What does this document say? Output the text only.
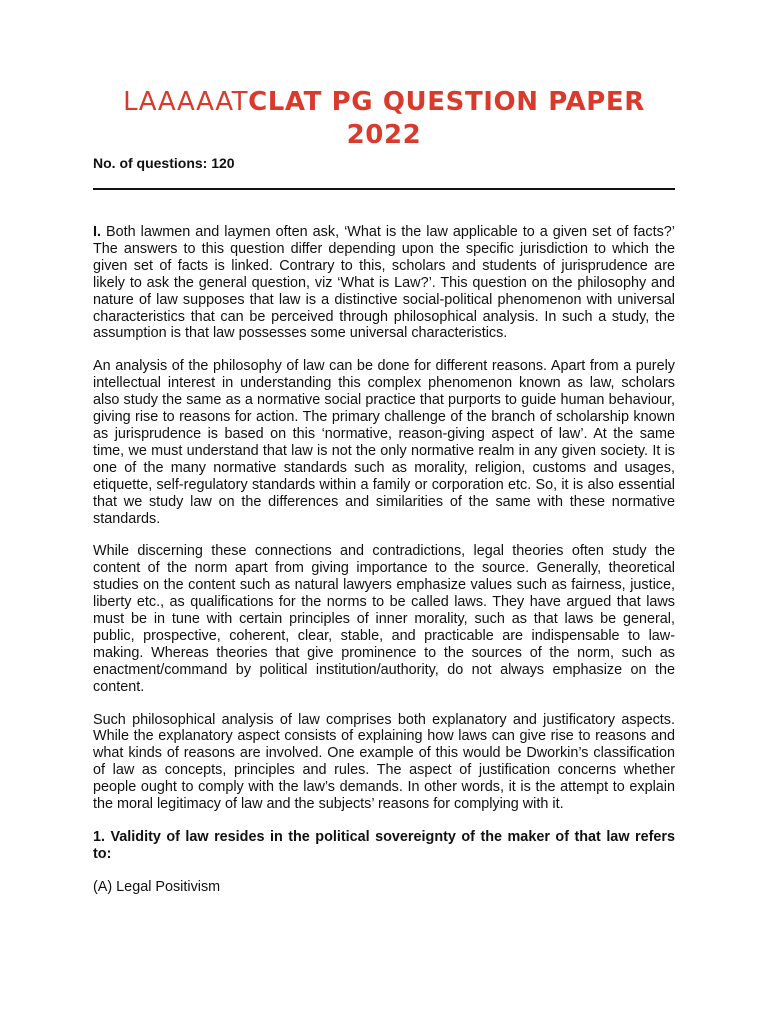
LAAAAATCLAT PG QUESTION PAPER 2022
No. of questions: 120

I. Both lawmen and laymen often ask, ‘What is the law applicable to a given set of facts?’ The answers to this question differ depending upon the specific jurisdiction to which the given set of facts is linked. Contrary to this, scholars and students of jurisprudence are likely to ask the general question, viz ‘What is Law?’. This question on the philosophy and nature of law supposes that law is a distinctive social-political phenomenon with universal characteristics that can be perceived through philosophical analysis. In such a study, the assumption is that law possesses some universal characteristics.

An analysis of the philosophy of law can be done for different reasons. Apart from a purely intellectual interest in understanding this complex phenomenon known as law, scholars also study the same as a normative social practice that purports to guide human behaviour, giving rise to reasons for action. The primary challenge of the branch of scholarship known as jurisprudence is based on this ‘normative, reason-giving aspect of law’. At the same time, we must understand that law is not the only normative realm in any given society. It is one of the many normative standards such as morality, religion, customs and usages, etiquette, self-regulatory standards within a family or corporation etc. So, it is also essential that we study law on the differences and similarities of the same with these normative standards.

While discerning these connections and contradictions, legal theories often study the content of the norm apart from giving importance to the source. Generally, theoretical studies on the content such as natural lawyers emphasize values such as fairness, justice, liberty etc., as qualifications for the norms to be called laws. They have argued that laws must be in tune with certain principles of inner morality, such as that laws be general, public, prospective, coherent, clear, stable, and practicable are indispensable to law-making. Whereas theories that give prominence to the sources of the norm, such as enactment/command by political institution/authority, do not always emphasize on the content.

Such philosophical analysis of law comprises both explanatory and justificatory aspects. While the explanatory aspect consists of explaining how laws can give rise to reasons and what kinds of reasons are involved. One example of this would be Dworkin’s classification of law as concepts, principles and rules. The aspect of justification concerns whether people ought to comply with the law’s demands. In other words, it is the attempt to explain the moral legitimacy of law and the subjects’ reasons for complying with it.

1. Validity of law resides in the political sovereignty of the maker of that law refers to:

(A) Legal Positivism
